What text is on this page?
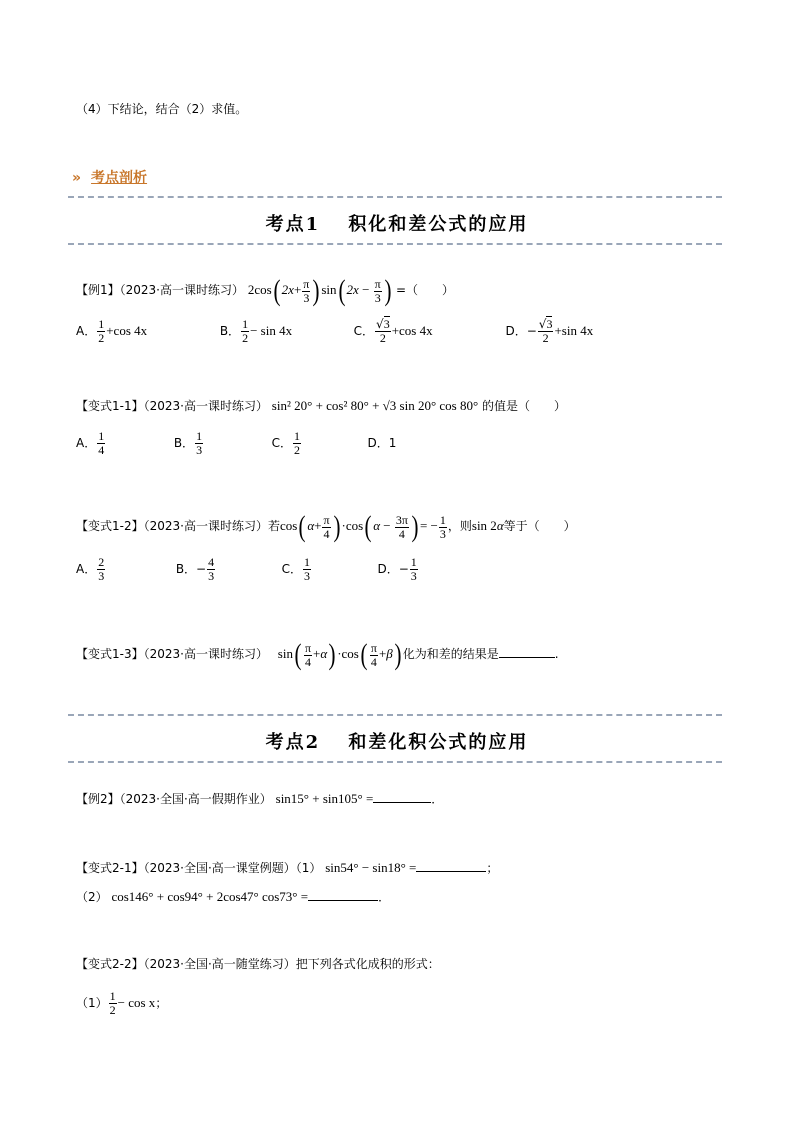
（4）下结论，结合（2）求值。
» 考点剖析
考点1　 积化和差公式的应用
【例1】（2023·高一课时练习） 2cos( $2x+ \frac{\pi}{3}$ ) sin( $2x - \frac{\pi}{3}$ ) =（　　）
A． $\frac{1}{2} +\cos$ 4x	B． $\frac{1}{2} - \sin 4x$	C． $\frac{√3}{2} +\cos$ 4x	D．− $\frac{√3}{2} +\sin$ 4x
【变式1-1】（2023·高一课时练习） sin² 20° + cos² 80° + √3 sin 20° cos 80° 的值是（　　）
A． $\frac{1}{4}$	B． $\frac{1}{3}$	C． $\frac{1}{2}$	D．1
【变式1-2】（2023·高一课时练习）若cos( $\alpha+ \frac{\pi}{4}$ ) ·cos( $\alpha - \frac{3\pi}{4}$ ) = − $\frac{1}{3}$ ，则sin 2α等于（　　）
A． $\frac{2}{3}$	B．− $\frac{4}{3}$	C． $\frac{1}{3}$	D．− $\frac{1}{3}$
【变式1-3】（2023·高一课时练习） $\sin( \frac{\pi}{4} +\alpha) \cdot\cos( \frac{\pi}{4} +\beta)$ 化为和差的结果是	.
考点2　 和差化积公式的应用
【例2】（2023·全国·高一假期作业） sin15° + sin105° =	．
【变式2-1】（2023·全国·高一课堂例题）（1） sin54° − sin18° =	；
（2） cos146° + cos94° + 2cos47° cos73° =	．
【变式2-2】（2023·全国·高一随堂练习）把下列各式化成积的形式：
$(1) \frac{1}{2} - \cos x$；
